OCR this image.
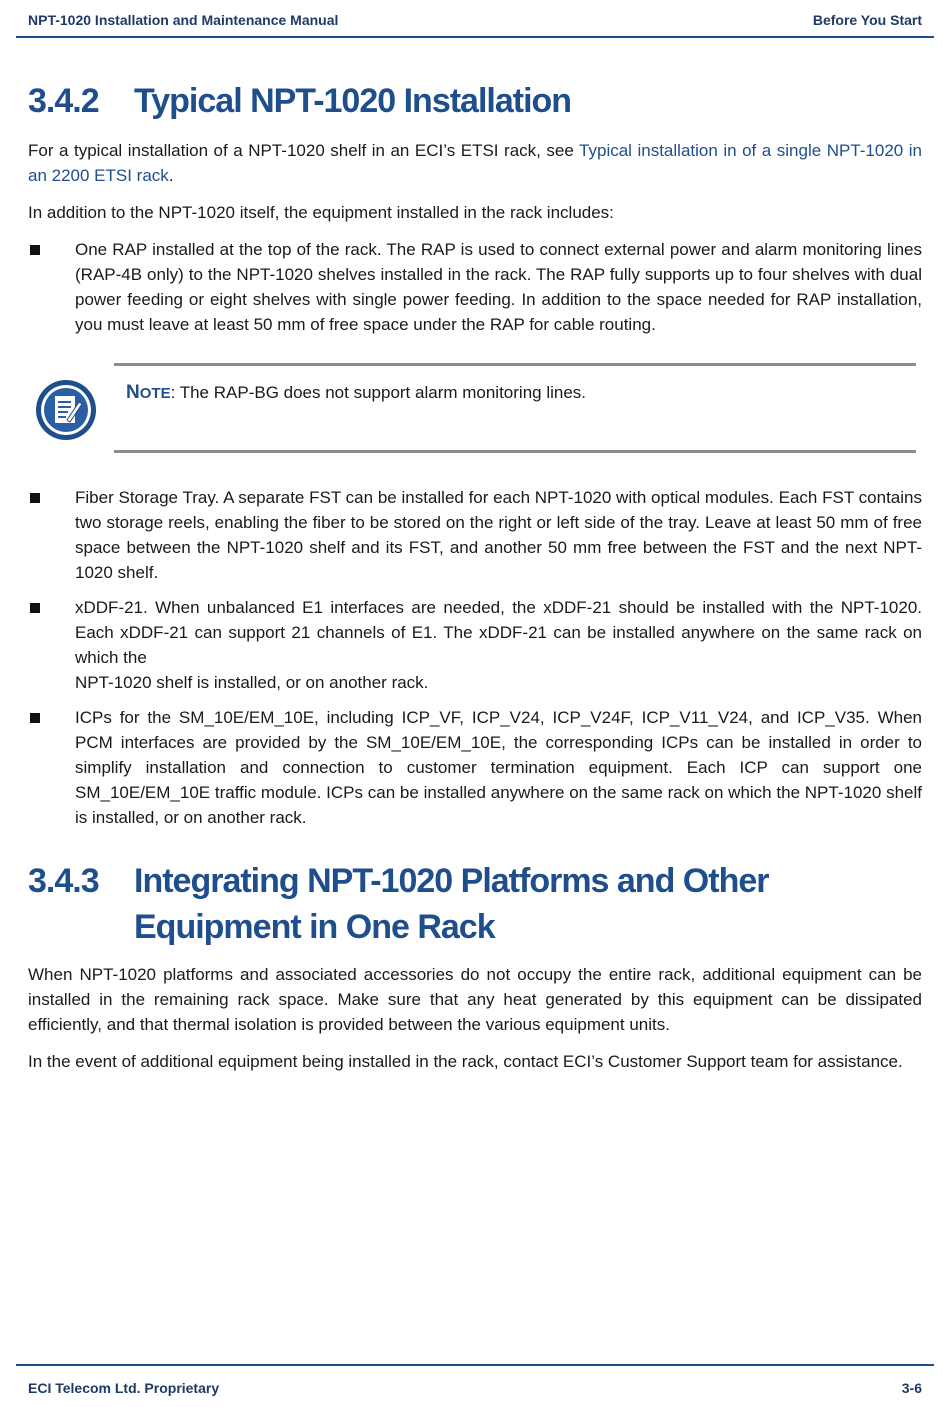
NPT-1020 Installation and Maintenance Manual	Before You Start
3.4.2	Typical NPT-1020 Installation

For a typical installation of a NPT-1020 shelf in an ECI’s ETSI rack, see Typical installation in of a single NPT-1020 in an 2200 ETSI rack.

In addition to the NPT-1020 itself, the equipment installed in the rack includes:

One RAP installed at the top of the rack. The RAP is used to connect external power and alarm monitoring lines (RAP-4B only) to the NPT-1020 shelves installed in the rack. The RAP fully supports up to four shelves with dual power feeding or eight shelves with single power feeding. In addition to the space needed for RAP installation, you must leave at least 50 mm of free space under the RAP for cable routing.
NOTE: The RAP-BG does not support alarm monitoring lines.
Fiber Storage Tray. A separate FST can be installed for each NPT-1020 with optical modules. Each FST contains two storage reels, enabling the fiber to be stored on the right or left side of the tray. Leave at least 50 mm of free space between the NPT-1020 shelf and its FST, and another 50 mm free between the FST and the next NPT-1020 shelf.
xDDF-21. When unbalanced E1 interfaces are needed, the xDDF-21 should be installed with the NPT-1020. Each xDDF-21 can support 21 channels of E1. The xDDF-21 can be installed anywhere on the same rack on which the
NPT-1020 shelf is installed, or on another rack.
ICPs for the SM_10E/EM_10E, including ICP_VF, ICP_V24, ICP_V24F, ICP_V11_V24, and ICP_V35. When PCM interfaces are provided by the SM_10E/EM_10E, the corresponding ICPs can be installed in order to simplify installation and connection to customer termination equipment. Each ICP can support one SM_10E/EM_10E traffic module. ICPs can be installed anywhere on the same rack on which the NPT-1020 shelf is installed, or on another rack.
3.4.3	Integrating NPT-1020 Platforms and Other Equipment in One Rack

When NPT-1020 platforms and associated accessories do not occupy the entire rack, additional equipment can be installed in the remaining rack space. Make sure that any heat generated by this equipment can be dissipated efficiently, and that thermal isolation is provided between the various equipment units.

In the event of additional equipment being installed in the rack, contact ECI’s Customer Support team for assistance.

ECI Telecom Ltd. Proprietary	3-6
